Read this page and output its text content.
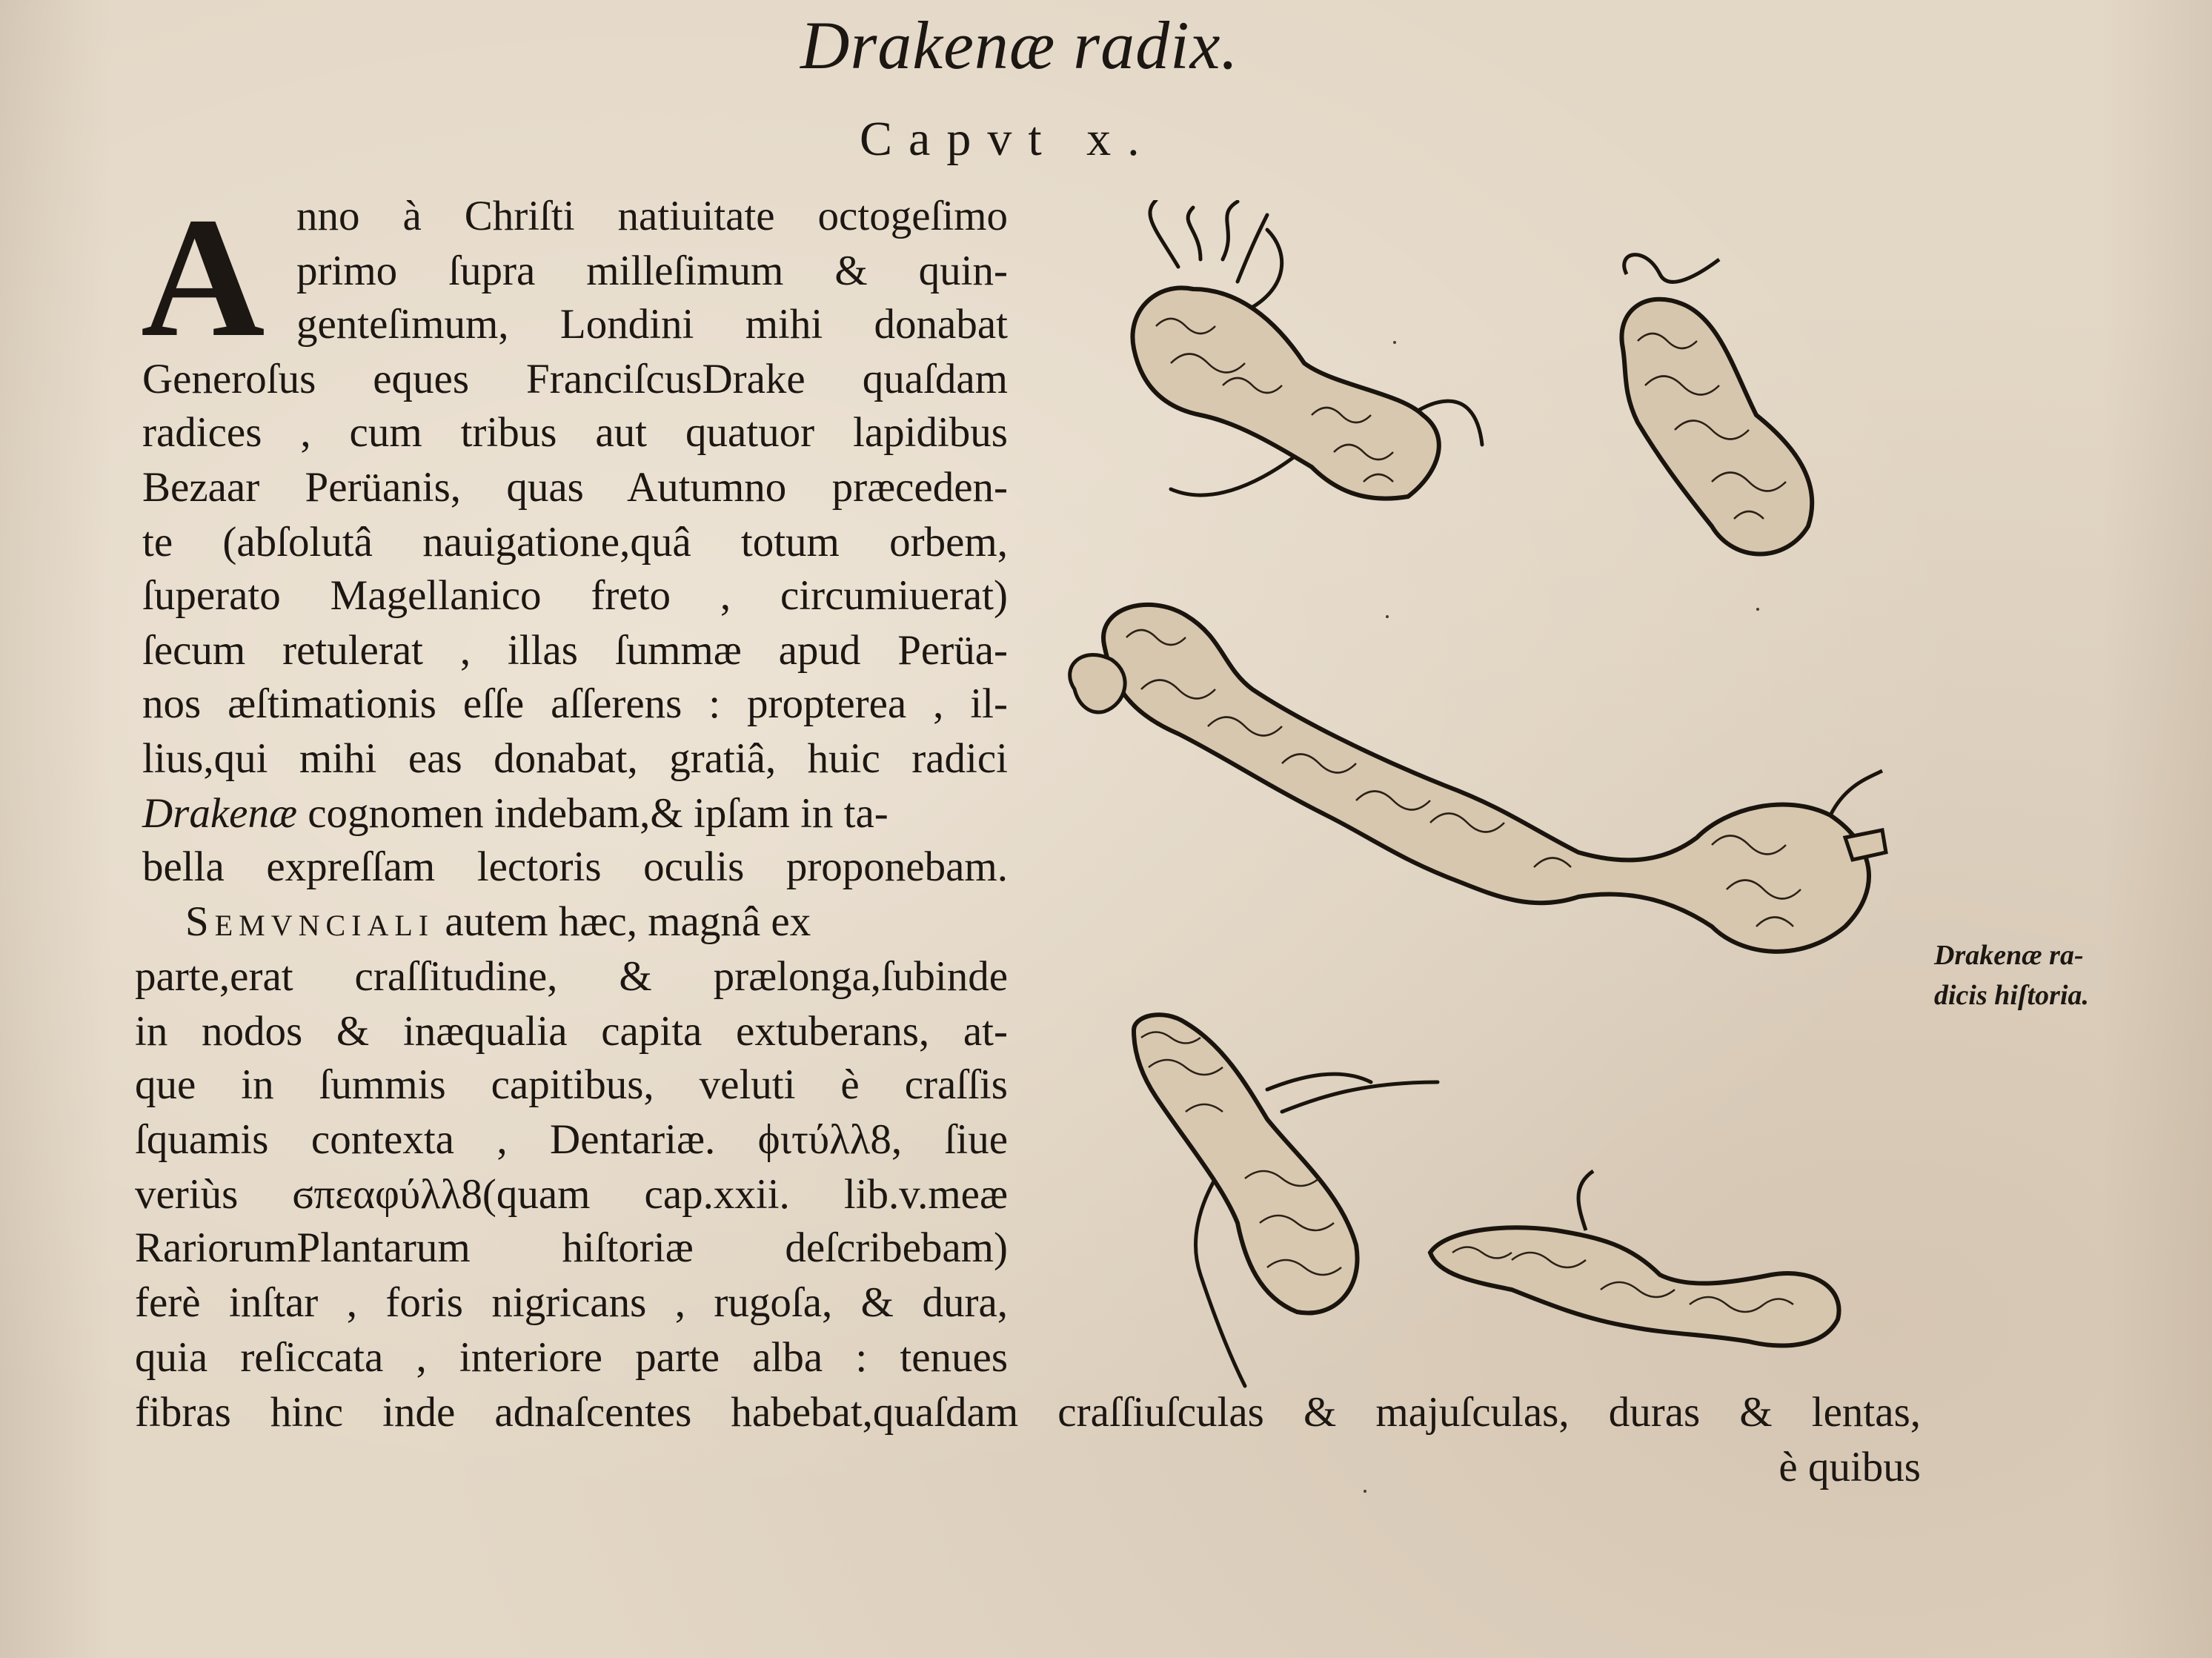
Drakenæ radix.
Capvt x.
A nno à Chriſti natiuitate octogeſimo
primo ſupra milleſimum & quin-
genteſimum, Londini mihi donabat
Generoſus eques FranciſcusDrake quaſdam
radices , cum tribus aut quatuor lapidibus
Bezaar Perüanis, quas Autumno præceden-
te (abſolutâ nauigatione,quâ totum orbem,
ſuperato Magellanico freto , circumiuerat)
ſecum retulerat , illas ſummæ apud Perüa-
nos æſtimationis eſſe aſſerens : propterea , il-
lius,qui mihi eas donabat, gratiâ, huic radici
Drakenæ cognomen indebam,& ipſam in ta-
bella expreſſam lectoris oculis proponebam.
Semvnciali autem hæc, magnâ ex
parte,erat craſſitudine, & prælonga,ſubinde
in nodos & inæqualia capita extuberans, at-
que in ſummis capitibus, veluti è craſſis
ſquamis contexta , Dentariæ. ϕιτύλλ8, ſiue
veriùs ϭπεαφύλλ8(quam cap.xxii. lib.v.meæ
RariorumPlantarum hiſtoriæ deſcribebam)
ferè inſtar , foris nigricans , rugoſa, & dura,
quia reſiccata , interiore parte alba : tenues
fibras hinc inde adnaſcentes habebat,quaſdam craſſiuſculas & majuſculas, duras & lentas,
è quibus
Drakenæ ra-
dicis hiſtoria.
